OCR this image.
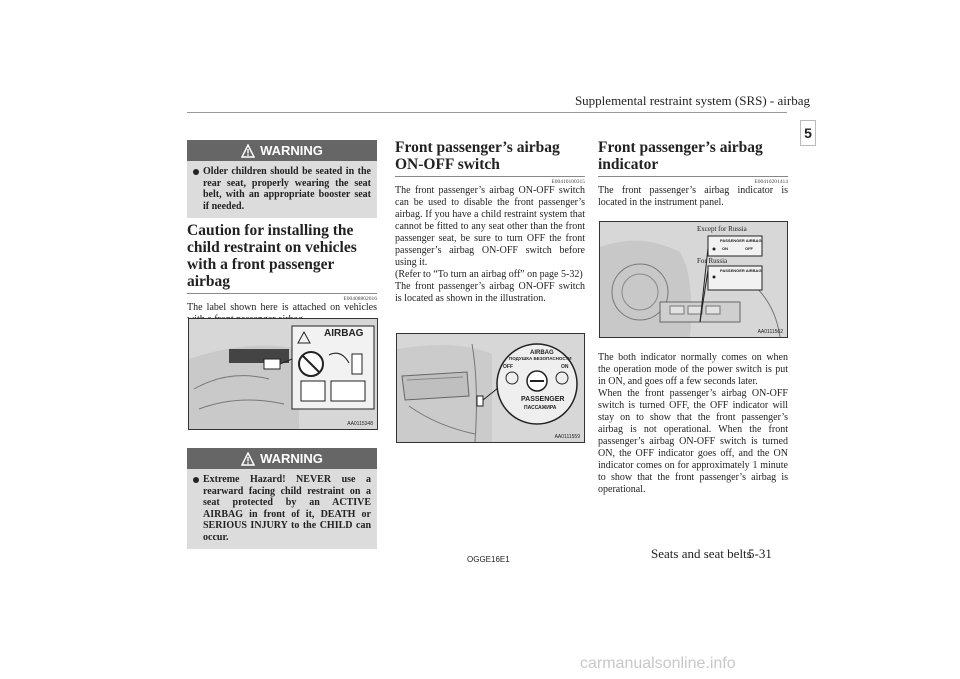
Supplemental restraint system (SRS) - airbag
5
WARNING
Older children should be seated in the rear seat, properly wearing the seat belt, with an appropriate booster seat if needed.
Caution for installing the child restraint on vehicles with a front passenger airbag
E00408802016
The label shown here is attached on vehicles
AIRBAG
AA0115348
WARNING
Extreme Hazard! NEVER use a rearward facing child restraint on a seat protected by an ACTIVE AIRBAG in front of it, DEATH or SERIOUS INJURY to the CHILD can occur.
Front passenger’s airbag ON-OFF switch
E00410100315
The front passenger’s airbag ON-OFF switch can be used to disable the front passenger’s airbag. If you have a child restraint system that cannot be fitted to any seat other than the front passenger seat, be sure to turn OFF the front passenger’s airbag ON-OFF switch before using it.
(Refer to “To turn an airbag off” on page 5-32)
The front passenger’s airbag ON-OFF switch is located as shown in the illustration.
AIRBAG
ПОДУШКА БЕЗОПАСНОСТИ
OFF	ON
PASSENGER
ПАССАЖИРА
AA0111559
Front passenger’s airbag indicator
E00410201414
The front passenger’s airbag indicator is located in the instrument panel.
Except for Russia
For Russia
PASSENGER AIRBAG
PASSENGER AIRBAG
ON	OFF
AA0111562
The both indicator normally comes on when the operation mode of the power switch is put in ON, and goes off a few seconds later.
When the front passenger’s airbag ON-OFF switch is turned OFF, the OFF indicator will stay on to show that the front passenger’s airbag is not operational. When the front passenger’s airbag ON-OFF switch is turned ON, the OFF indicator goes off, and the ON indicator comes on for approximately 1 minute to show that the front passenger’s airbag is operational.
OGGE16E1	Seats and seat belts
5-31
carmanualsonline.info
